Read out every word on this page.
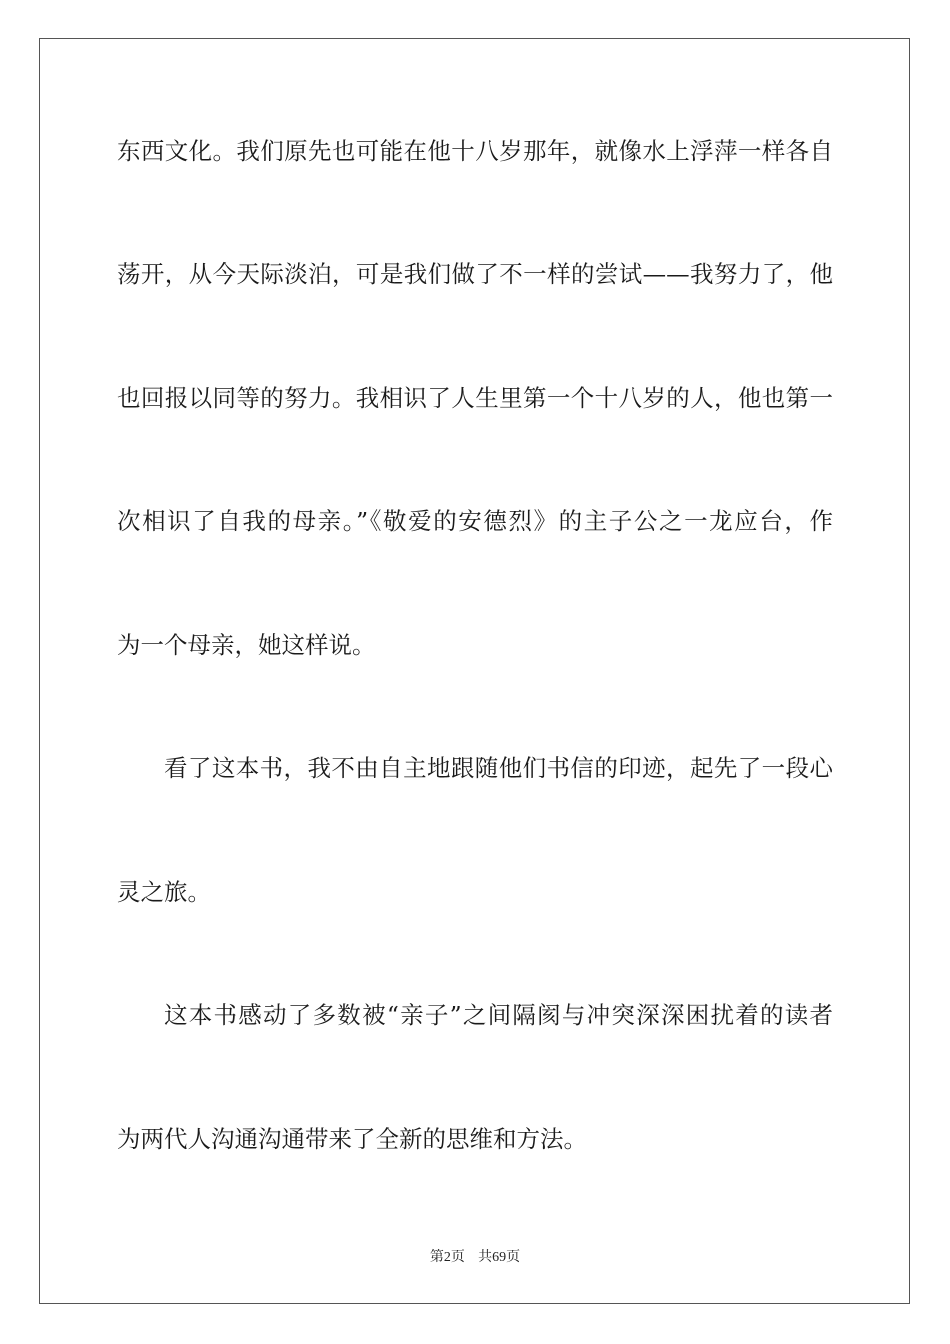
东西文化。我们原先也可能在他十八岁那年，就像水上浮萍一样各自
荡开，从今天际淡泊，可是我们做了不一样的尝试——我努力了，他
也回报以同等的努力。我相识了人生里第一个十八岁的人，他也第一
次相识了自我的母亲。”《敬爱的安德烈》的主子公之一龙应台，作
为一个母亲，她这样说。
看了这本书，我不由自主地跟随他们书信的印迹，起先了一段心
灵之旅。
这本书感动了多数被“亲子”之间隔阂与冲突深深困扰着的读者
为两代人沟通沟通带来了全新的思维和方法。
第2页 共69页
